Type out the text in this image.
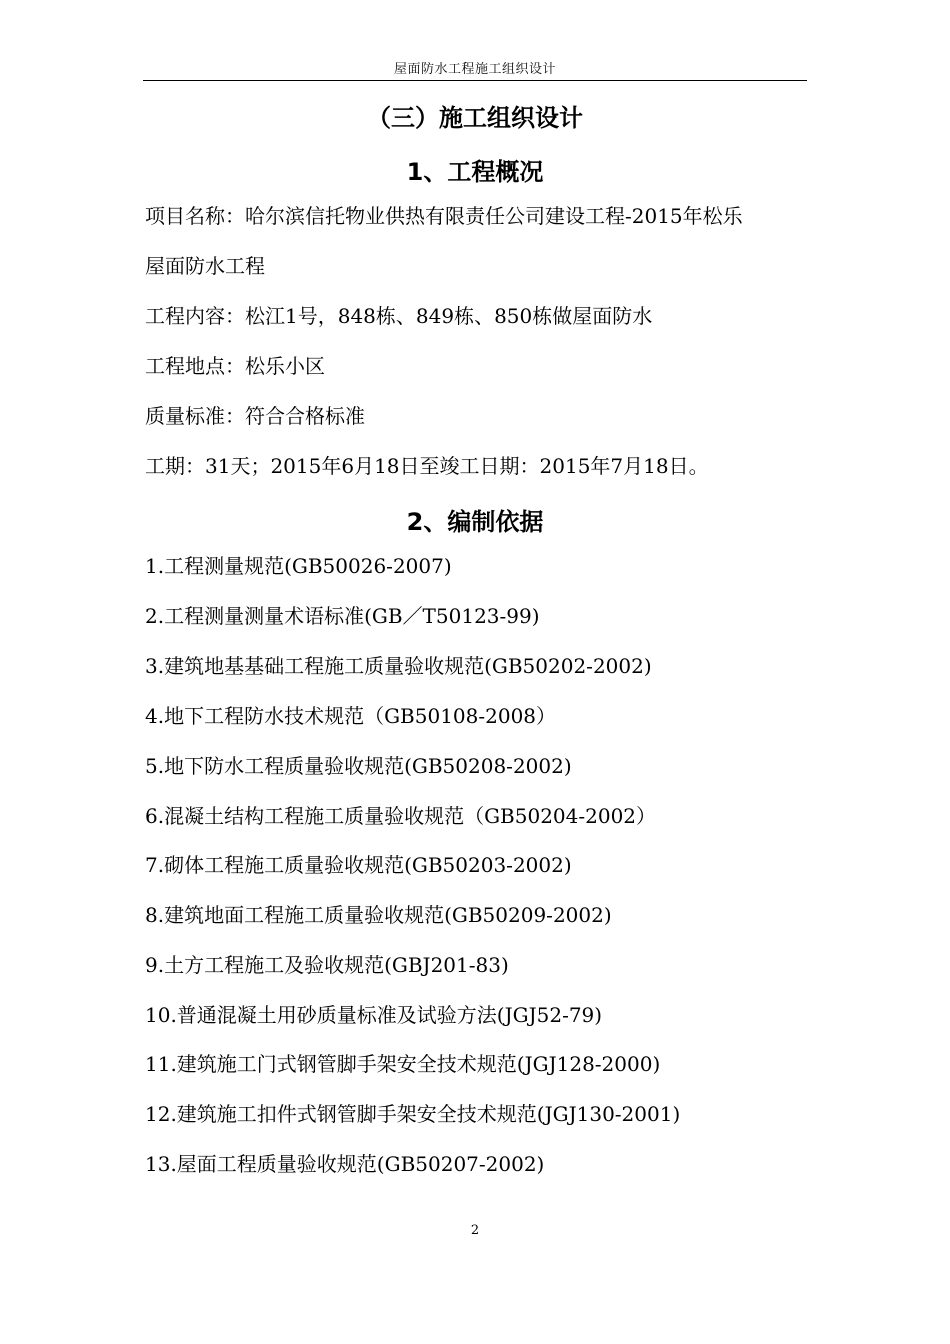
屋面防水工程施工组织设计
（三）施工组织设计
1、工程概况
项目名称：哈尔滨信托物业供热有限责任公司建设工程-2015年松乐
屋面防水工程
工程内容：松江1号，848栋、849栋、850栋做屋面防水
工程地点：松乐小区
质量标准：符合合格标准
工期：31天；2015年6月18日至竣工日期：2015年7月18日。
2、编制依据
1.工程测量规范(GB50026-2007)
2.工程测量测量术语标准(GB／T50123-99)
3.建筑地基基础工程施工质量验收规范(GB50202-2002)
4.地下工程防水技术规范（GB50108-2008）
5.地下防水工程质量验收规范(GB50208-2002)
6.混凝土结构工程施工质量验收规范（GB50204-2002）
7.砌体工程施工质量验收规范(GB50203-2002)
8.建筑地面工程施工质量验收规范(GB50209-2002)
9.土方工程施工及验收规范(GBJ201-83)
10.普通混凝土用砂质量标准及试验方法(JGJ52-79)
11.建筑施工门式钢管脚手架安全技术规范(JGJ128-2000)
12.建筑施工扣件式钢管脚手架安全技术规范(JGJ130-2001)
13.屋面工程质量验收规范(GB50207-2002)
2
